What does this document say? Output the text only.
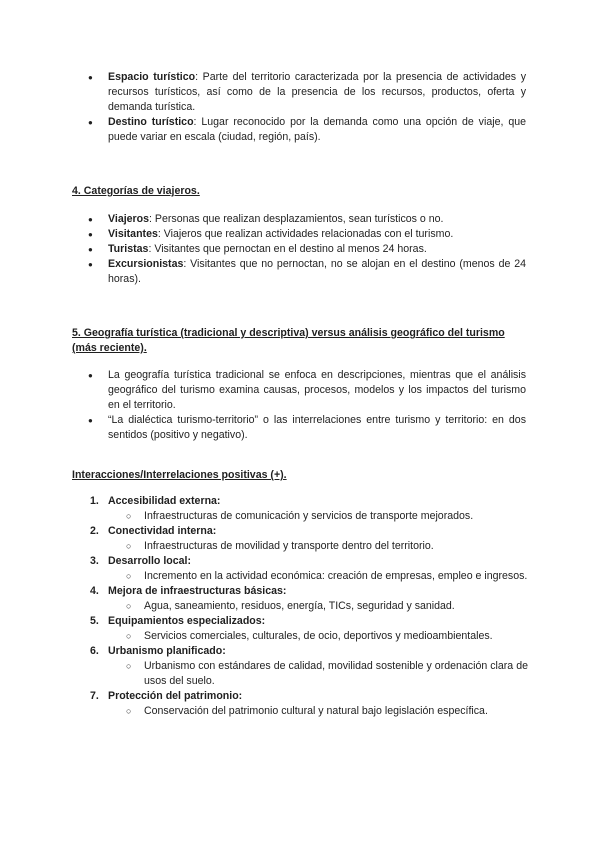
● Espacio turístico: Parte del territorio caracterizada por la presencia de actividades y recursos turísticos, así como de la presencia de los recursos, productos, oferta y demanda turística.
● Destino turístico: Lugar reconocido por la demanda como una opción de viaje, que puede variar en escala (ciudad, región, país).
4. Categorías de viajeros.
● Viajeros: Personas que realizan desplazamientos, sean turísticos o no.
● Visitantes: Viajeros que realizan actividades relacionadas con el turismo.
● Turistas: Visitantes que pernoctan en el destino al menos 24 horas.
● Excursionistas: Visitantes que no pernoctan, no se alojan en el destino (menos de 24 horas).
5. Geografía turística (tradicional y descriptiva) versus análisis geográfico del turismo (más reciente).
● La geografía turística tradicional se enfoca en descripciones, mientras que el análisis geográfico del turismo examina causas, procesos, modelos y los impactos del turismo en el territorio.
● “La dialéctica turismo-territorio” o las interrelaciones entre turismo y territorio: en dos sentidos (positivo y negativo).
Interacciones/Interrelaciones positivas (+).
1. Accesibilidad externa:
○ Infraestructuras de comunicación y servicios de transporte mejorados.
2. Conectividad interna:
○ Infraestructuras de movilidad y transporte dentro del territorio.
3. Desarrollo local:
○ Incremento en la actividad económica: creación de empresas, empleo e ingresos.
4. Mejora de infraestructuras básicas:
○ Agua, saneamiento, residuos, energía, TICs, seguridad y sanidad.
5. Equipamientos especializados:
○ Servicios comerciales, culturales, de ocio, deportivos y medioambientales.
6. Urbanismo planificado:
○ Urbanismo con estándares de calidad, movilidad sostenible y ordenación clara de usos del suelo.
7. Protección del patrimonio:
○ Conservación del patrimonio cultural y natural bajo legislación específica.
